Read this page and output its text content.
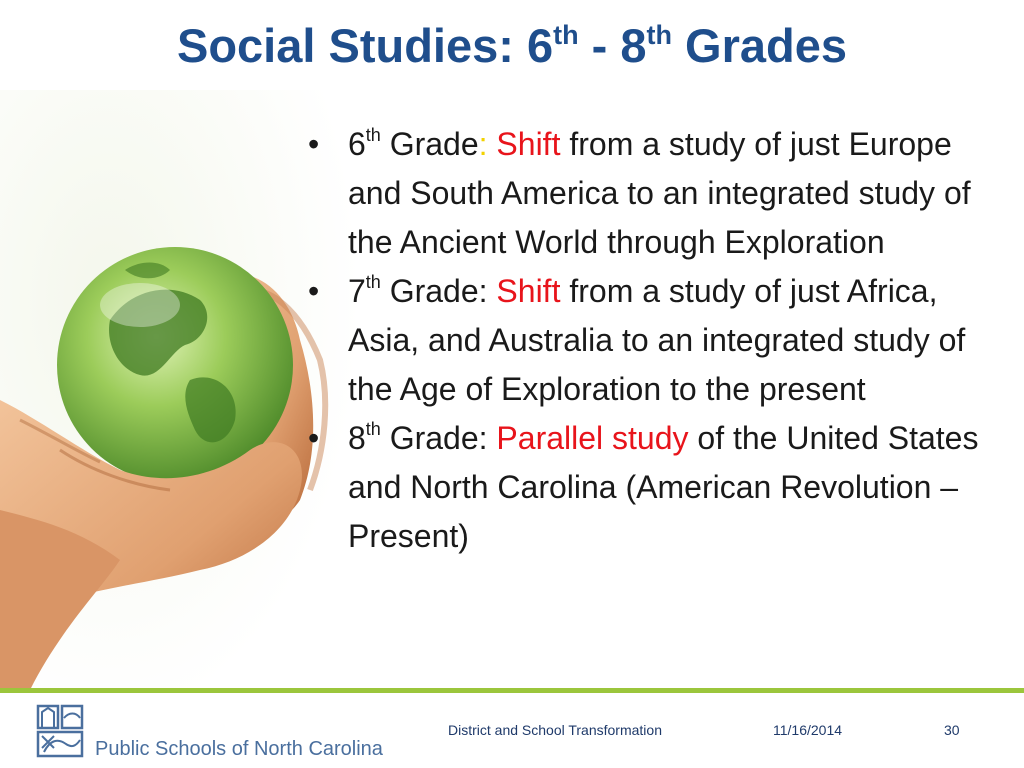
Social Studies: 6th - 8th Grades
• 6th Grade: Shift from a study of just Europe and South America to an integrated study of the Ancient World through Exploration
• 7th Grade: Shift from a study of just Africa, Asia, and Australia to an integrated study of the Age of Exploration to the present
• 8th Grade: Parallel study of the United States and North Carolina (American Revolution – Present)
Public Schools of North Carolina
District and School Transformation	11/16/2014	30
